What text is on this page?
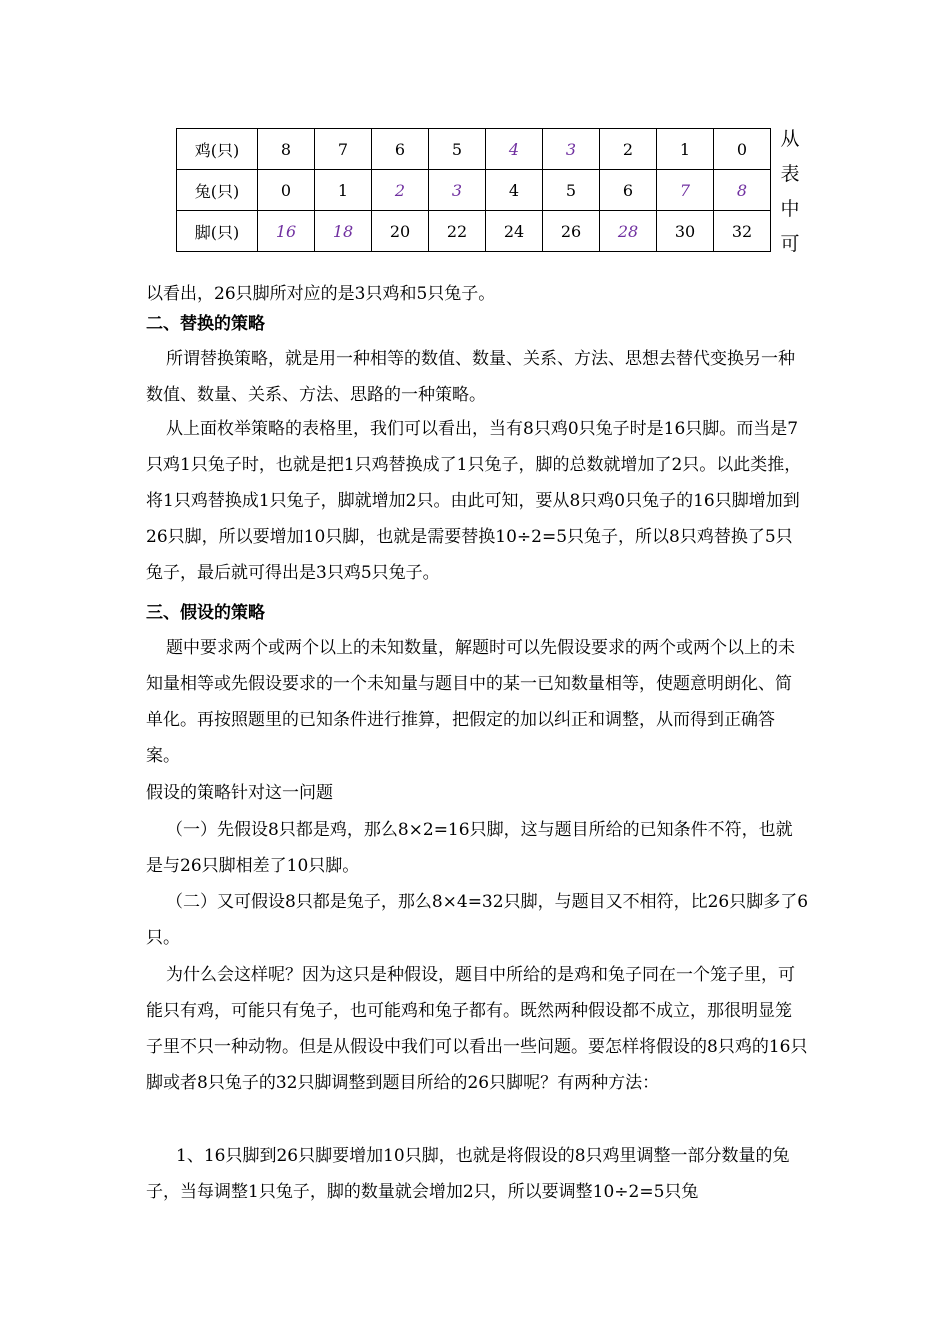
鸡(只)	8	7	6	5	4	3	2	1	0
兔(只)	0	1	2	3	4	5	6	7	8
脚(只)	16	18	20	22	24	26	28	30	32
从
表
中
可
以看出，26只脚所对应的是3只鸡和5只兔子。
二、替换的策略
所谓替换策略，就是用一种相等的数值、数量、关系、方法、思想去替代变换另一种数值、数量、关系、方法、思路的一种策略。
从上面枚举策略的表格里，我们可以看出，当有8只鸡0只兔子时是16只脚。而当是7只鸡1只兔子时，也就是把1只鸡替换成了1只兔子，脚的总数就增加了2只。以此类推，将1只鸡替换成1只兔子，脚就增加2只。由此可知，要从8只鸡0只兔子的16只脚增加到26只脚，所以要增加10只脚，也就是需要替换10÷2=5只兔子，所以8只鸡替换了5只兔子，最后就可得出是3只鸡5只兔子。
三、假设的策略
题中要求两个或两个以上的未知数量，解题时可以先假设要求的两个或两个以上的未知量相等或先假设要求的一个未知量与题目中的某一已知数量相等，使题意明朗化、简单化。再按照题里的已知条件进行推算，把假定的加以纠正和调整，从而得到正确答案。
假设的策略针对这一问题
（一）先假设8只都是鸡，那么8×2=16只脚，这与题目所给的已知条件不符，也就是与26只脚相差了10只脚。
（二）又可假设8只都是兔子，那么8×4=32只脚，与题目又不相符，比26只脚多了6只。
为什么会这样呢？因为这只是种假设，题目中所给的是鸡和兔子同在一个笼子里，可能只有鸡，可能只有兔子，也可能鸡和兔子都有。既然两种假设都不成立，那很明显笼子里不只一种动物。但是从假设中我们可以看出一些问题。要怎样将假设的8只鸡的16只脚或者8只兔子的32只脚调整到题目所给的26只脚呢？有两种方法：
1、16只脚到26只脚要增加10只脚，也就是将假设的8只鸡里调整一部分数量的兔子，当每调整1只兔子，脚的数量就会增加2只，所以要调整10÷2=5只兔
